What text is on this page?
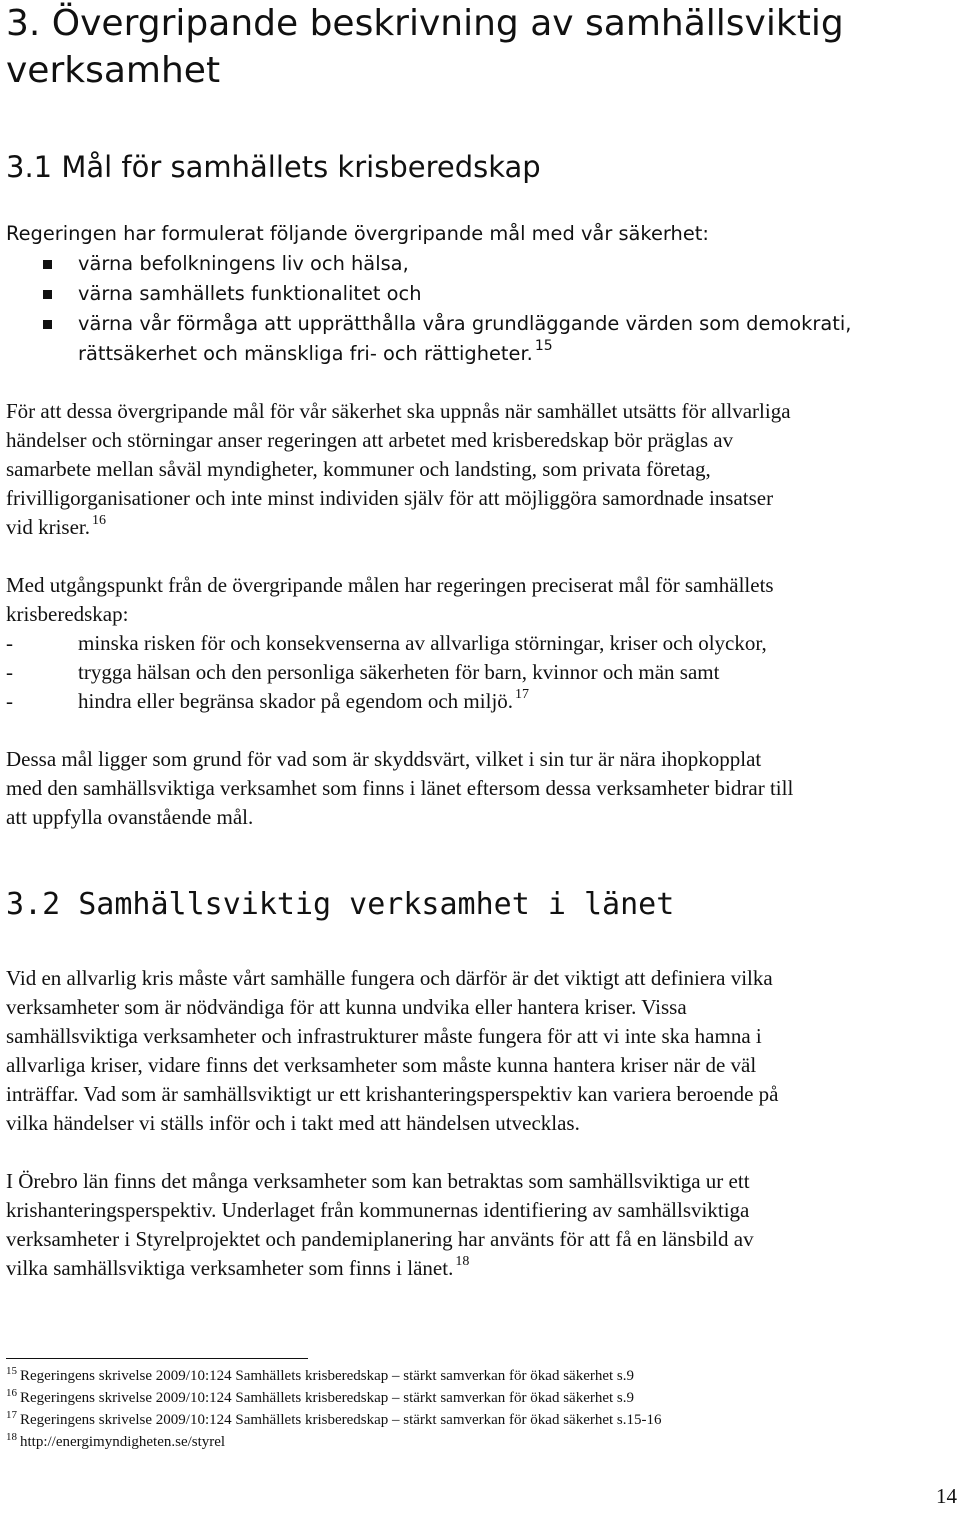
3. Övergripande beskrivning av samhällsviktig
verksamhet
3.1 Mål för samhällets krisberedskap
Regeringen har formulerat följande övergripande mål med vår säkerhet:
värna befolkningens liv och hälsa,
värna samhällets funktionalitet och
värna vår förmåga att upprätthålla våra grundläggande värden som demokrati,
rättsäkerhet och mänskliga fri- och rättigheter. $^{15}$
För att dessa övergripande mål för vår säkerhet ska uppnås när samhället utsätts för allvarliga
händelser och störningar anser regeringen att arbetet med krisberedskap bör präglas av
samarbete mellan såväl myndigheter, kommuner och landsting, som privata företag,
frivilligorganisationer och inte minst individen själv för att möjliggöra samordnade insatser
vid kriser. $^{16}$
Med utgångspunkt från de övergripande målen har regeringen preciserat mål för samhällets
krisberedskap:
-	minska risken för och konsekvenserna av allvarliga störningar, kriser och olyckor,
-	trygga hälsan och den personliga säkerheten för barn, kvinnor och män samt
-	hindra eller begränsa skador på egendom och miljö. $^{17}$
Dessa mål ligger som grund för vad som är skyddsvärt, vilket i sin tur är nära ihopkopplat
med den samhällsviktiga verksamhet som finns i länet eftersom dessa verksamheter bidrar till
att uppfylla ovanstående mål.
3.2 Samhällsviktig verksamhet i länet
Vid en allvarlig kris måste vårt samhälle fungera och därför är det viktigt att definiera vilka
verksamheter som är nödvändiga för att kunna undvika eller hantera kriser. Vissa
samhällsviktiga verksamheter och infrastrukturer måste fungera för att vi inte ska hamna i
allvarliga kriser, vidare finns det verksamheter som måste kunna hantera kriser när de väl
inträffar. Vad som är samhällsviktigt ur ett krishanteringsperspektiv kan variera beroende på
vilka händelser vi ställs inför och i takt med att händelsen utvecklas.
I Örebro län finns det många verksamheter som kan betraktas som samhällsviktiga ur ett
krishanteringsperspektiv. Underlaget från kommunernas identifiering av samhällsviktiga
verksamheter i Styrelprojektet och pandemiplanering har använts för att få en länsbild av
vilka samhällsviktiga verksamheter som finns i länet. $^{18}$
$^{15}$ Regeringens skrivelse 2009/10:124 Samhällets krisberedskap – stärkt samverkan för ökad säkerhet s.9
$^{16}$ Regeringens skrivelse 2009/10:124 Samhällets krisberedskap – stärkt samverkan för ökad säkerhet s.9
$^{17}$ Regeringens skrivelse 2009/10:124 Samhällets krisberedskap – stärkt samverkan för ökad säkerhet s.15-16
$^{18}$ http://energimyndigheten.se/styrel
14
